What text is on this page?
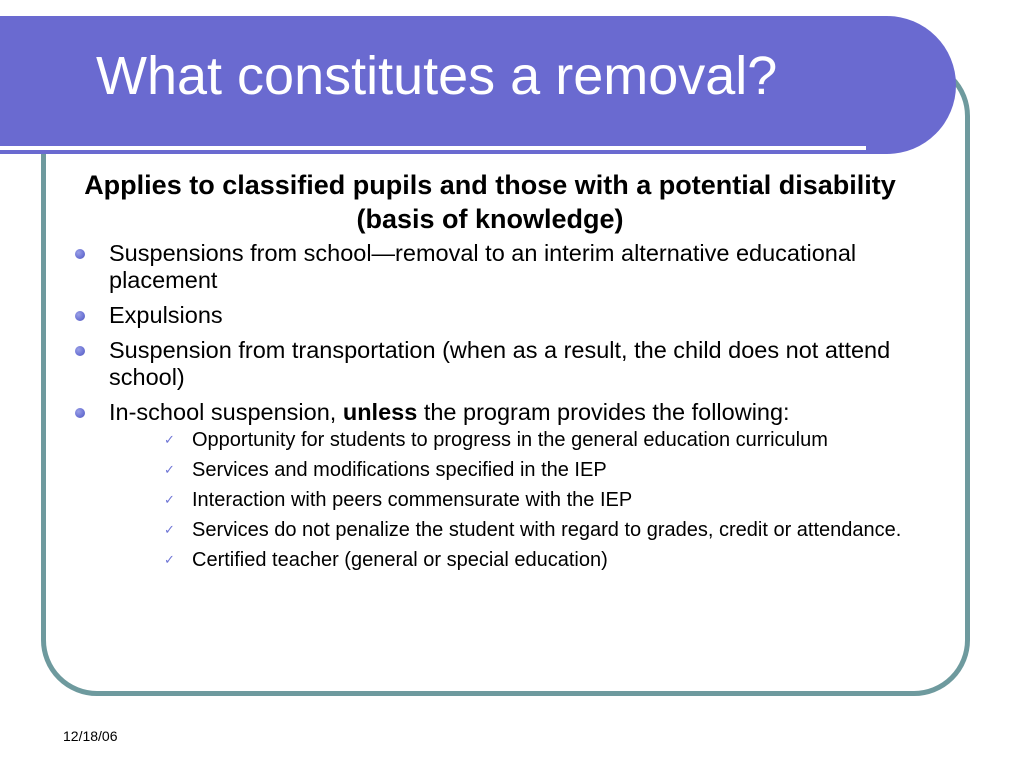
What constitutes a removal?
Applies to classified pupils and those with a potential disability (basis of knowledge)
Suspensions from school—removal to an interim alternative educational placement
Expulsions
Suspension from transportation (when as a result, the child does not attend school)
In-school suspension, unless the program provides the following:
✓ Opportunity for students to progress in the general education curriculum
✓ Services and modifications specified in the IEP
✓ Interaction with peers commensurate with the IEP
✓ Services do not penalize the student with regard to grades, credit or attendance.
✓ Certified teacher (general or special education)
12/18/06
